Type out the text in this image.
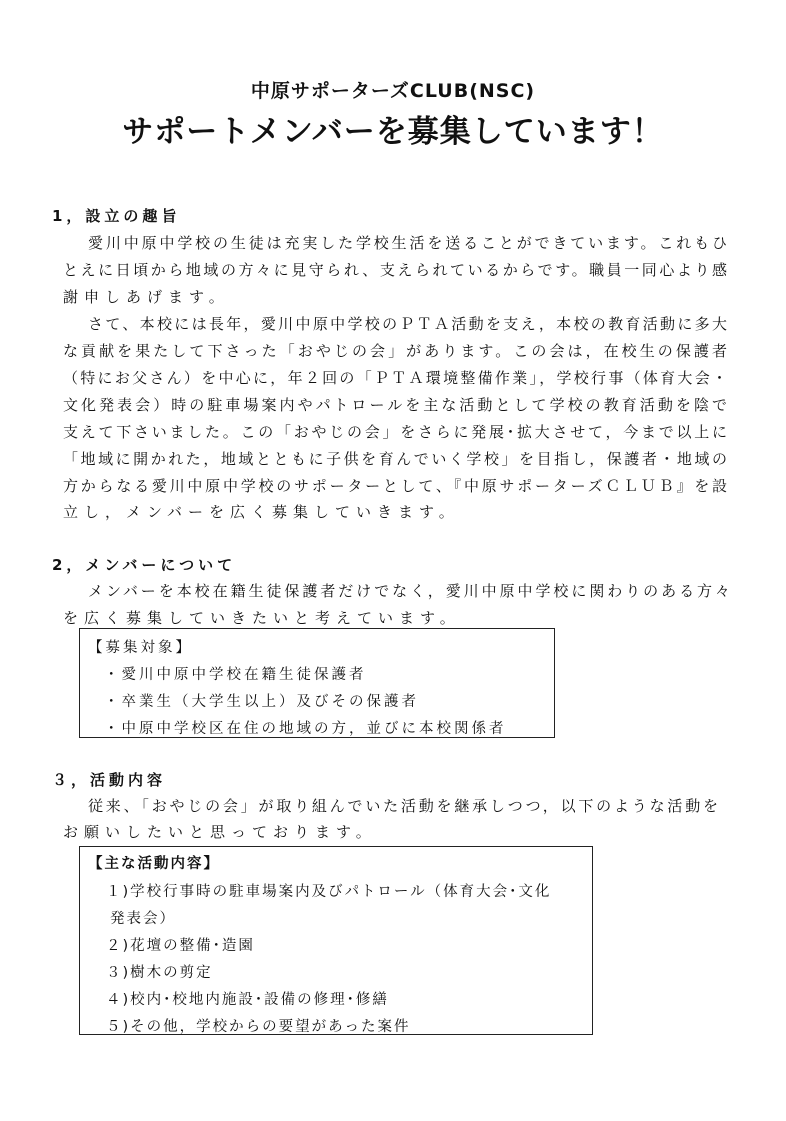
中原サポーターズCLUB(NSC)
サポートメンバーを募集しています！
1，設立の趣旨
愛川中原中学校の生徒は充実した学校生活を送ることができています。これもひ
とえに日頃から地域の方々に見守られ、支えられているからです。職員一同心より感
謝申しあげます。
さて、本校には長年，愛川中原中学校のＰＴＡ活動を支え，本校の教育活動に多大
な貢献を果たして下さった「おやじの会」があります。この会は，在校生の保護者
（特にお父さん）を中心に，年２回の「ＰＴＡ環境整備作業」，学校行事（体育大会・
文化発表会）時の駐車場案内やパトロールを主な活動として学校の教育活動を陰で
支えて下さいました。この「おやじの会」をさらに発展･拡大させて，今まで以上に
「地域に開かれた，地域とともに子供を育んでいく学校」を目指し，保護者・地域の
方からなる愛川中原中学校のサポーターとして、『中原サポーターズＣＬＵＢ』を設
立し，メンバーを広く募集していきます。
2，メンバーについて
メンバーを本校在籍生徒保護者だけでなく，愛川中原中学校に関わりのある方々
を広く募集していきたいと考えています。
【募集対象】
・愛川中原中学校在籍生徒保護者
・卒業生（大学生以上）及びその保護者
・中原中学校区在住の地域の方，並びに本校関係者
３，活動内容
従来、「おやじの会」が取り組んでいた活動を継承しつつ，以下のような活動を
お願いしたいと思っております。
【主な活動内容】
１)学校行事時の駐車場案内及びパトロール（体育大会･文化
発表会）
２)花壇の整備･造園
３)樹木の剪定
４)校内･校地内施設･設備の修理･修繕
５)その他，学校からの要望があった案件
